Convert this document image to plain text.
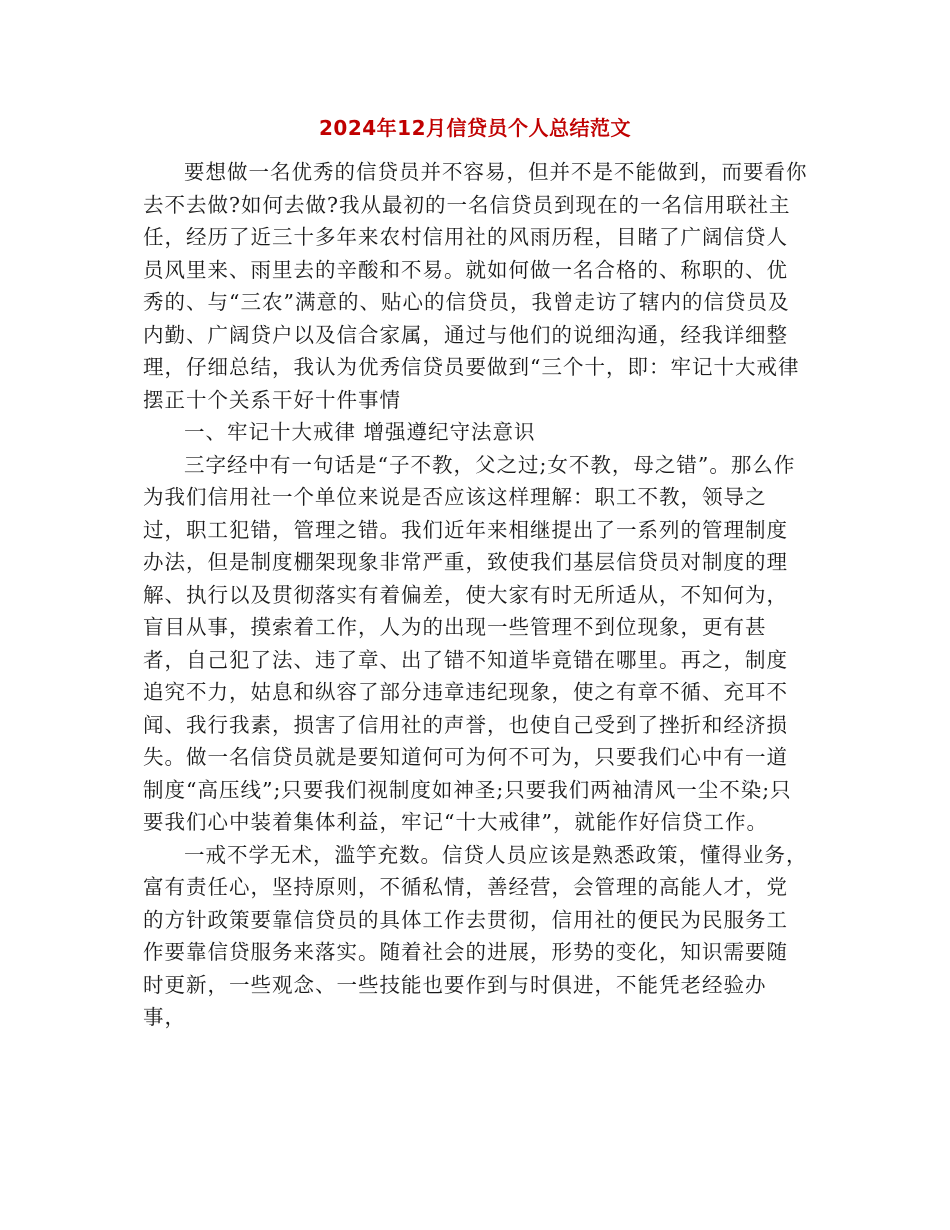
2024年12月信贷员个人总结范文

要想做一名优秀的信贷员并不容易，但并不是不能做到，而要看你去不去做?如何去做?我从最初的一名信贷员到现在的一名信用联社主任，经历了近三十多年来农村信用社的风雨历程，目睹了广阔信贷人员风里来、雨里去的辛酸和不易。就如何做一名合格的、称职的、优秀的、与“三农”满意的、贴心的信贷员，我曾走访了辖内的信贷员及内勤、广阔贷户以及信合家属，通过与他们的说细沟通，经我详细整理，仔细总结，我认为优秀信贷员要做到“三个十，即：牢记十大戒律摆正十个关系干好十件事情

一、牢记十大戒律 增强遵纪守法意识

三字经中有一句话是“子不教，父之过;女不教，母之错”。那么作为我们信用社一个单位来说是否应该这样理解：职工不教，领导之过，职工犯错，管理之错。我们近年来相继提出了一系列的管理制度办法，但是制度棚架现象非常严重，致使我们基层信贷员对制度的理解、执行以及贯彻落实有着偏差，使大家有时无所适从，不知何为，盲目从事，摸索着工作，人为的出现一些管理不到位现象，更有甚者，自己犯了法、违了章、出了错不知道毕竟错在哪里。再之，制度追究不力，姑息和纵容了部分违章违纪现象，使之有章不循、充耳不闻、我行我素，损害了信用社的声誉，也使自己受到了挫折和经济损失。做一名信贷员就是要知道何可为何不可为，只要我们心中有一道制度“高压线”;只要我们视制度如神圣;只要我们两袖清风一尘不染;只要我们心中装着集体利益，牢记“十大戒律”，就能作好信贷工作。

一戒不学无术，滥竽充数。信贷人员应该是熟悉政策，懂得业务，富有责任心，坚持原则，不循私情，善经营，会管理的高能人才，党的方针政策要靠信贷员的具体工作去贯彻，信用社的便民为民服务工作要靠信贷服务来落实。随着社会的进展，形势的变化，知识需要随时更新，一些观念、一些技能也要作到与时俱进，不能凭老经验办事，
